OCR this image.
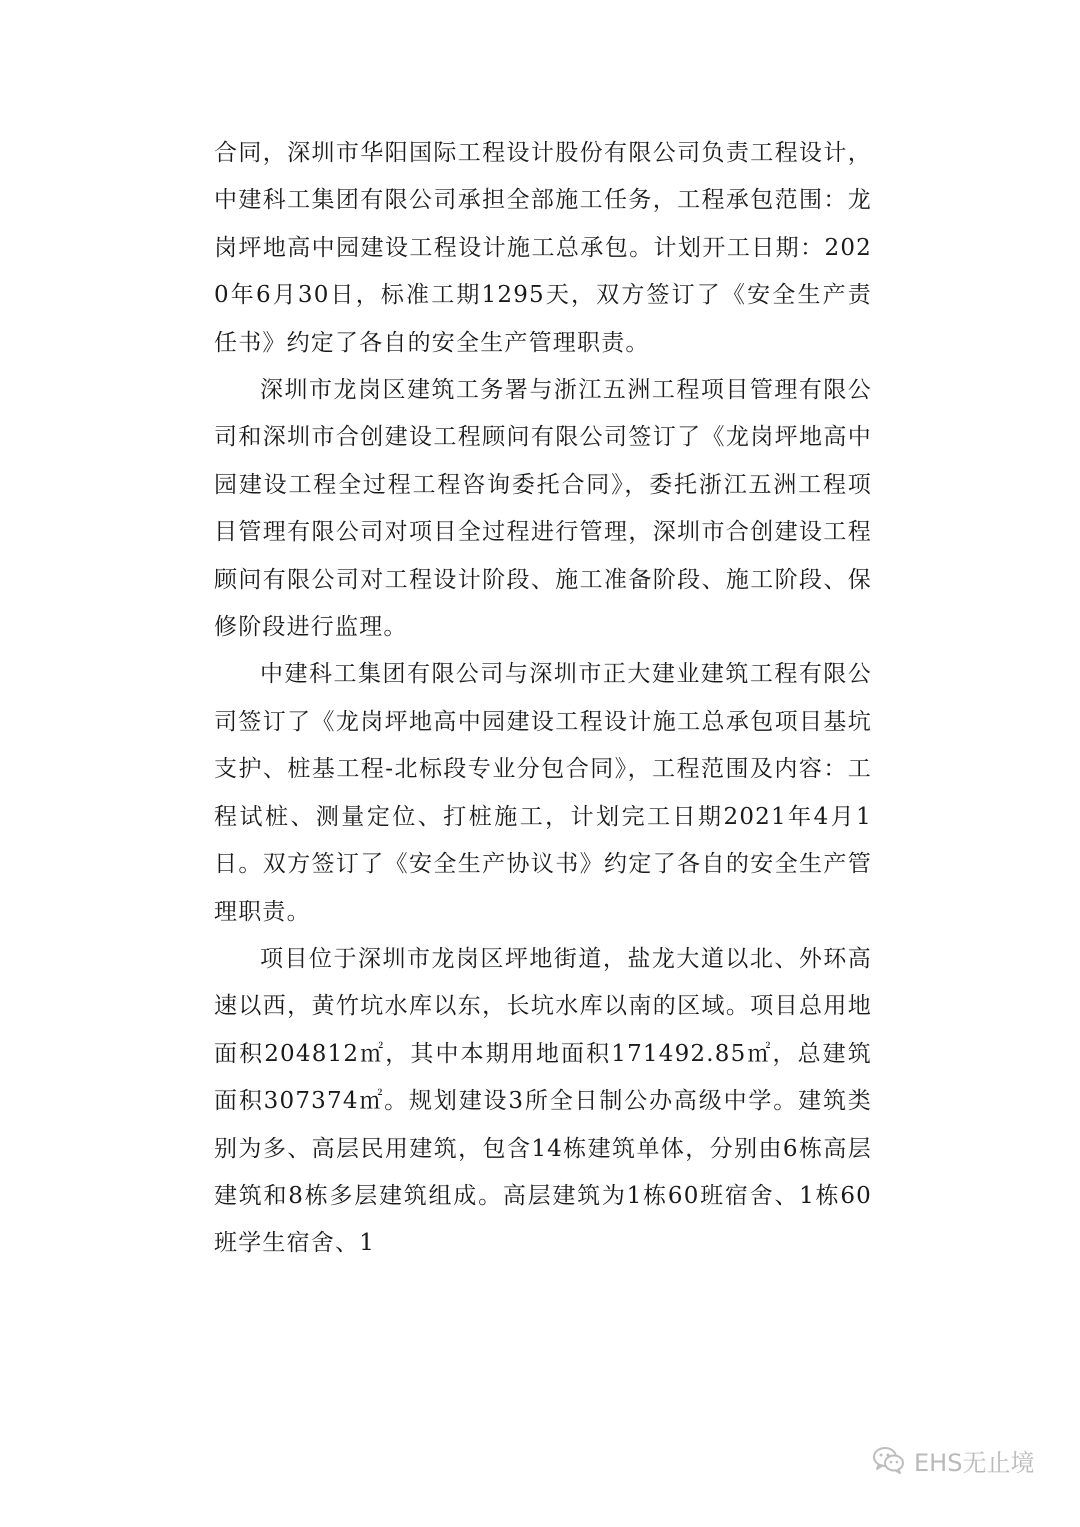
合同，深圳市华阳国际工程设计股份有限公司负责工程设计，中建科工集团有限公司承担全部施工任务，工程承包范围：龙岗坪地高中园建设工程设计施工总承包。计划开工日期：2020年6月30日，标准工期1295天，双方签订了《安全生产责任书》约定了各自的安全生产管理职责。

深圳市龙岗区建筑工务署与浙江五洲工程项目管理有限公司和深圳市合创建设工程顾问有限公司签订了《龙岗坪地高中园建设工程全过程工程咨询委托合同》，委托浙江五洲工程项目管理有限公司对项目全过程进行管理，深圳市合创建设工程顾问有限公司对工程设计阶段、施工准备阶段、施工阶段、保修阶段进行监理。

中建科工集团有限公司与深圳市正大建业建筑工程有限公司签订了《龙岗坪地高中园建设工程设计施工总承包项目基坑支护、桩基工程-北标段专业分包合同》，工程范围及内容：工程试桩、测量定位、打桩施工，计划完工日期2021年4月1日。双方签订了《安全生产协议书》约定了各自的安全生产管理职责。

项目位于深圳市龙岗区坪地街道，盐龙大道以北、外环高速以西，黄竹坑水库以东，长坑水库以南的区域。项目总用地面积204812㎡，其中本期用地面积171492.85㎡，总建筑面积307374㎡。规划建设3所全日制公办高级中学。建筑类别为多、高层民用建筑，包含14栋建筑单体，分别由6栋高层建筑和8栋多层建筑组成。高层建筑为1栋60班宿舍、1栋60班学生宿舍、1

EHS无止境
